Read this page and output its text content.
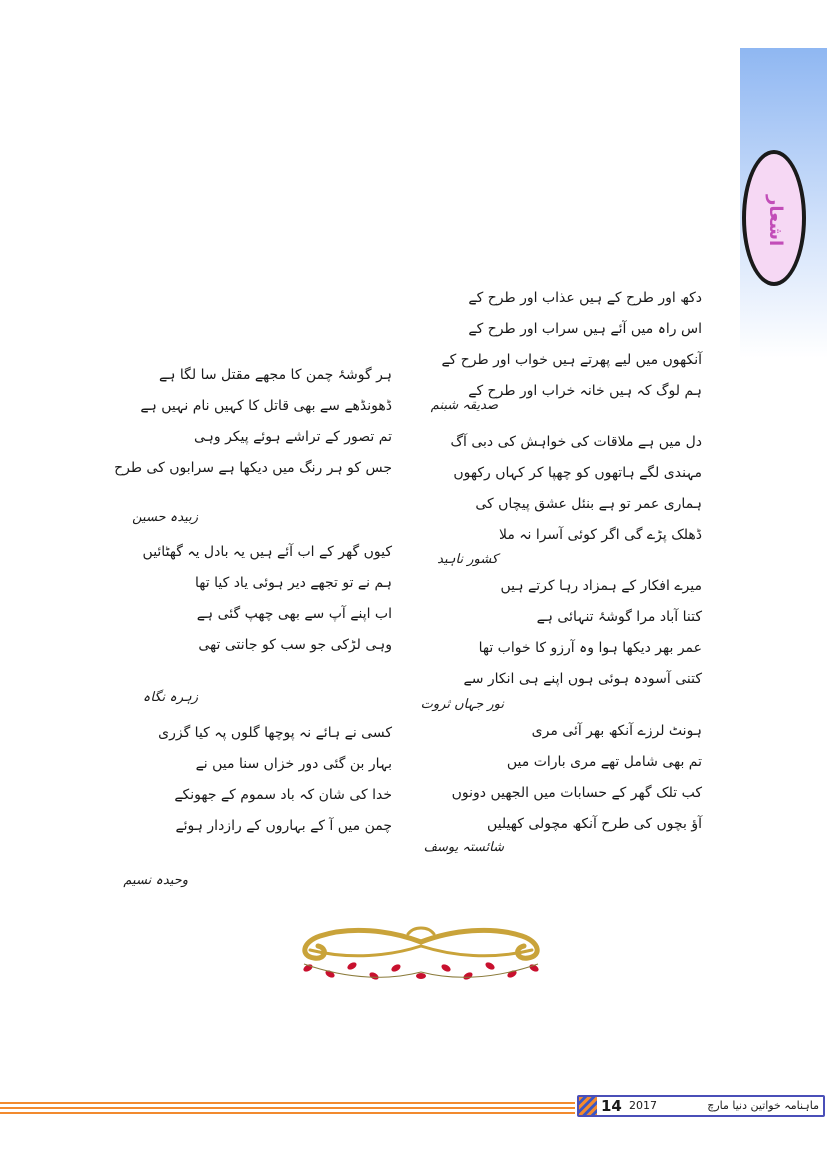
اشعار
دکھ اور طرح کے ہیں عذاب اور طرح کے
اس راہ میں آئے ہیں سراب اور طرح کے
آنکھوں میں لیے پھرتے ہیں خواب اور طرح کے
ہم لوگ کہ ہیں خانہ خراب اور طرح کے
صدیقہ شبنم
دل میں ہے ملاقات کی خواہش کی دبی آگ
مہندی لگے ہاتھوں کو چھپا کر کہاں رکھوں
ہماری عمر تو ہے بنئل عشق پیچاں کی
ڈھلک پڑے گی اگر کوئی آسرا نہ ملا
کشور ناہید
میرے افکار کے ہمزاد رہا کرتے ہیں
کتنا آباد مرا گوشۂ تنہائی ہے
عمر بھر دیکھا ہوا وہ آرزو کا خواب تھا
کتنی آسودہ ہوئی ہوں اپنے ہی انکار سے
نور جہاں ثروت
ہونٹ لرزے آنکھ بھر آئی مری
تم بھی شامل تھے مری بارات میں
کب تلک گھر کے حسابات میں الجھیں دونوں
آؤ بچوں کی طرح آنکھ مچولی کھیلیں
شائستہ یوسف
ہر گوشۂ چمن کا مجھے مقتل سا لگا ہے
ڈھونڈھے سے بھی قاتل کا کہیں نام نہیں ہے
تم تصور کے تراشے ہوئے پیکر وہی
جس کو ہر رنگ میں دیکھا ہے سرابوں کی طرح
زبیدہ حسین
کیوں گھر کے اب آئے ہیں یہ بادل یہ گھٹائیں
ہم نے تو تجھے دیر ہوئی یاد کیا تھا
اب اپنے آپ سے بھی چھپ گئی ہے
وہی لڑکی جو سب کو جانتی تھی
زہرہ نگاہ
کسی نے ہائے نہ پوچھا گلوں پہ کیا گزری
بہار بن گئی دور خزاں سنا میں نے
خدا کی شان کہ باد سموم کے جھونکے
چمن میں آ کے بہاروں کے رازدار ہوئے
وحیدہ نسیم
14 2017	ماہنامہ خواتین دنیا مارچ
